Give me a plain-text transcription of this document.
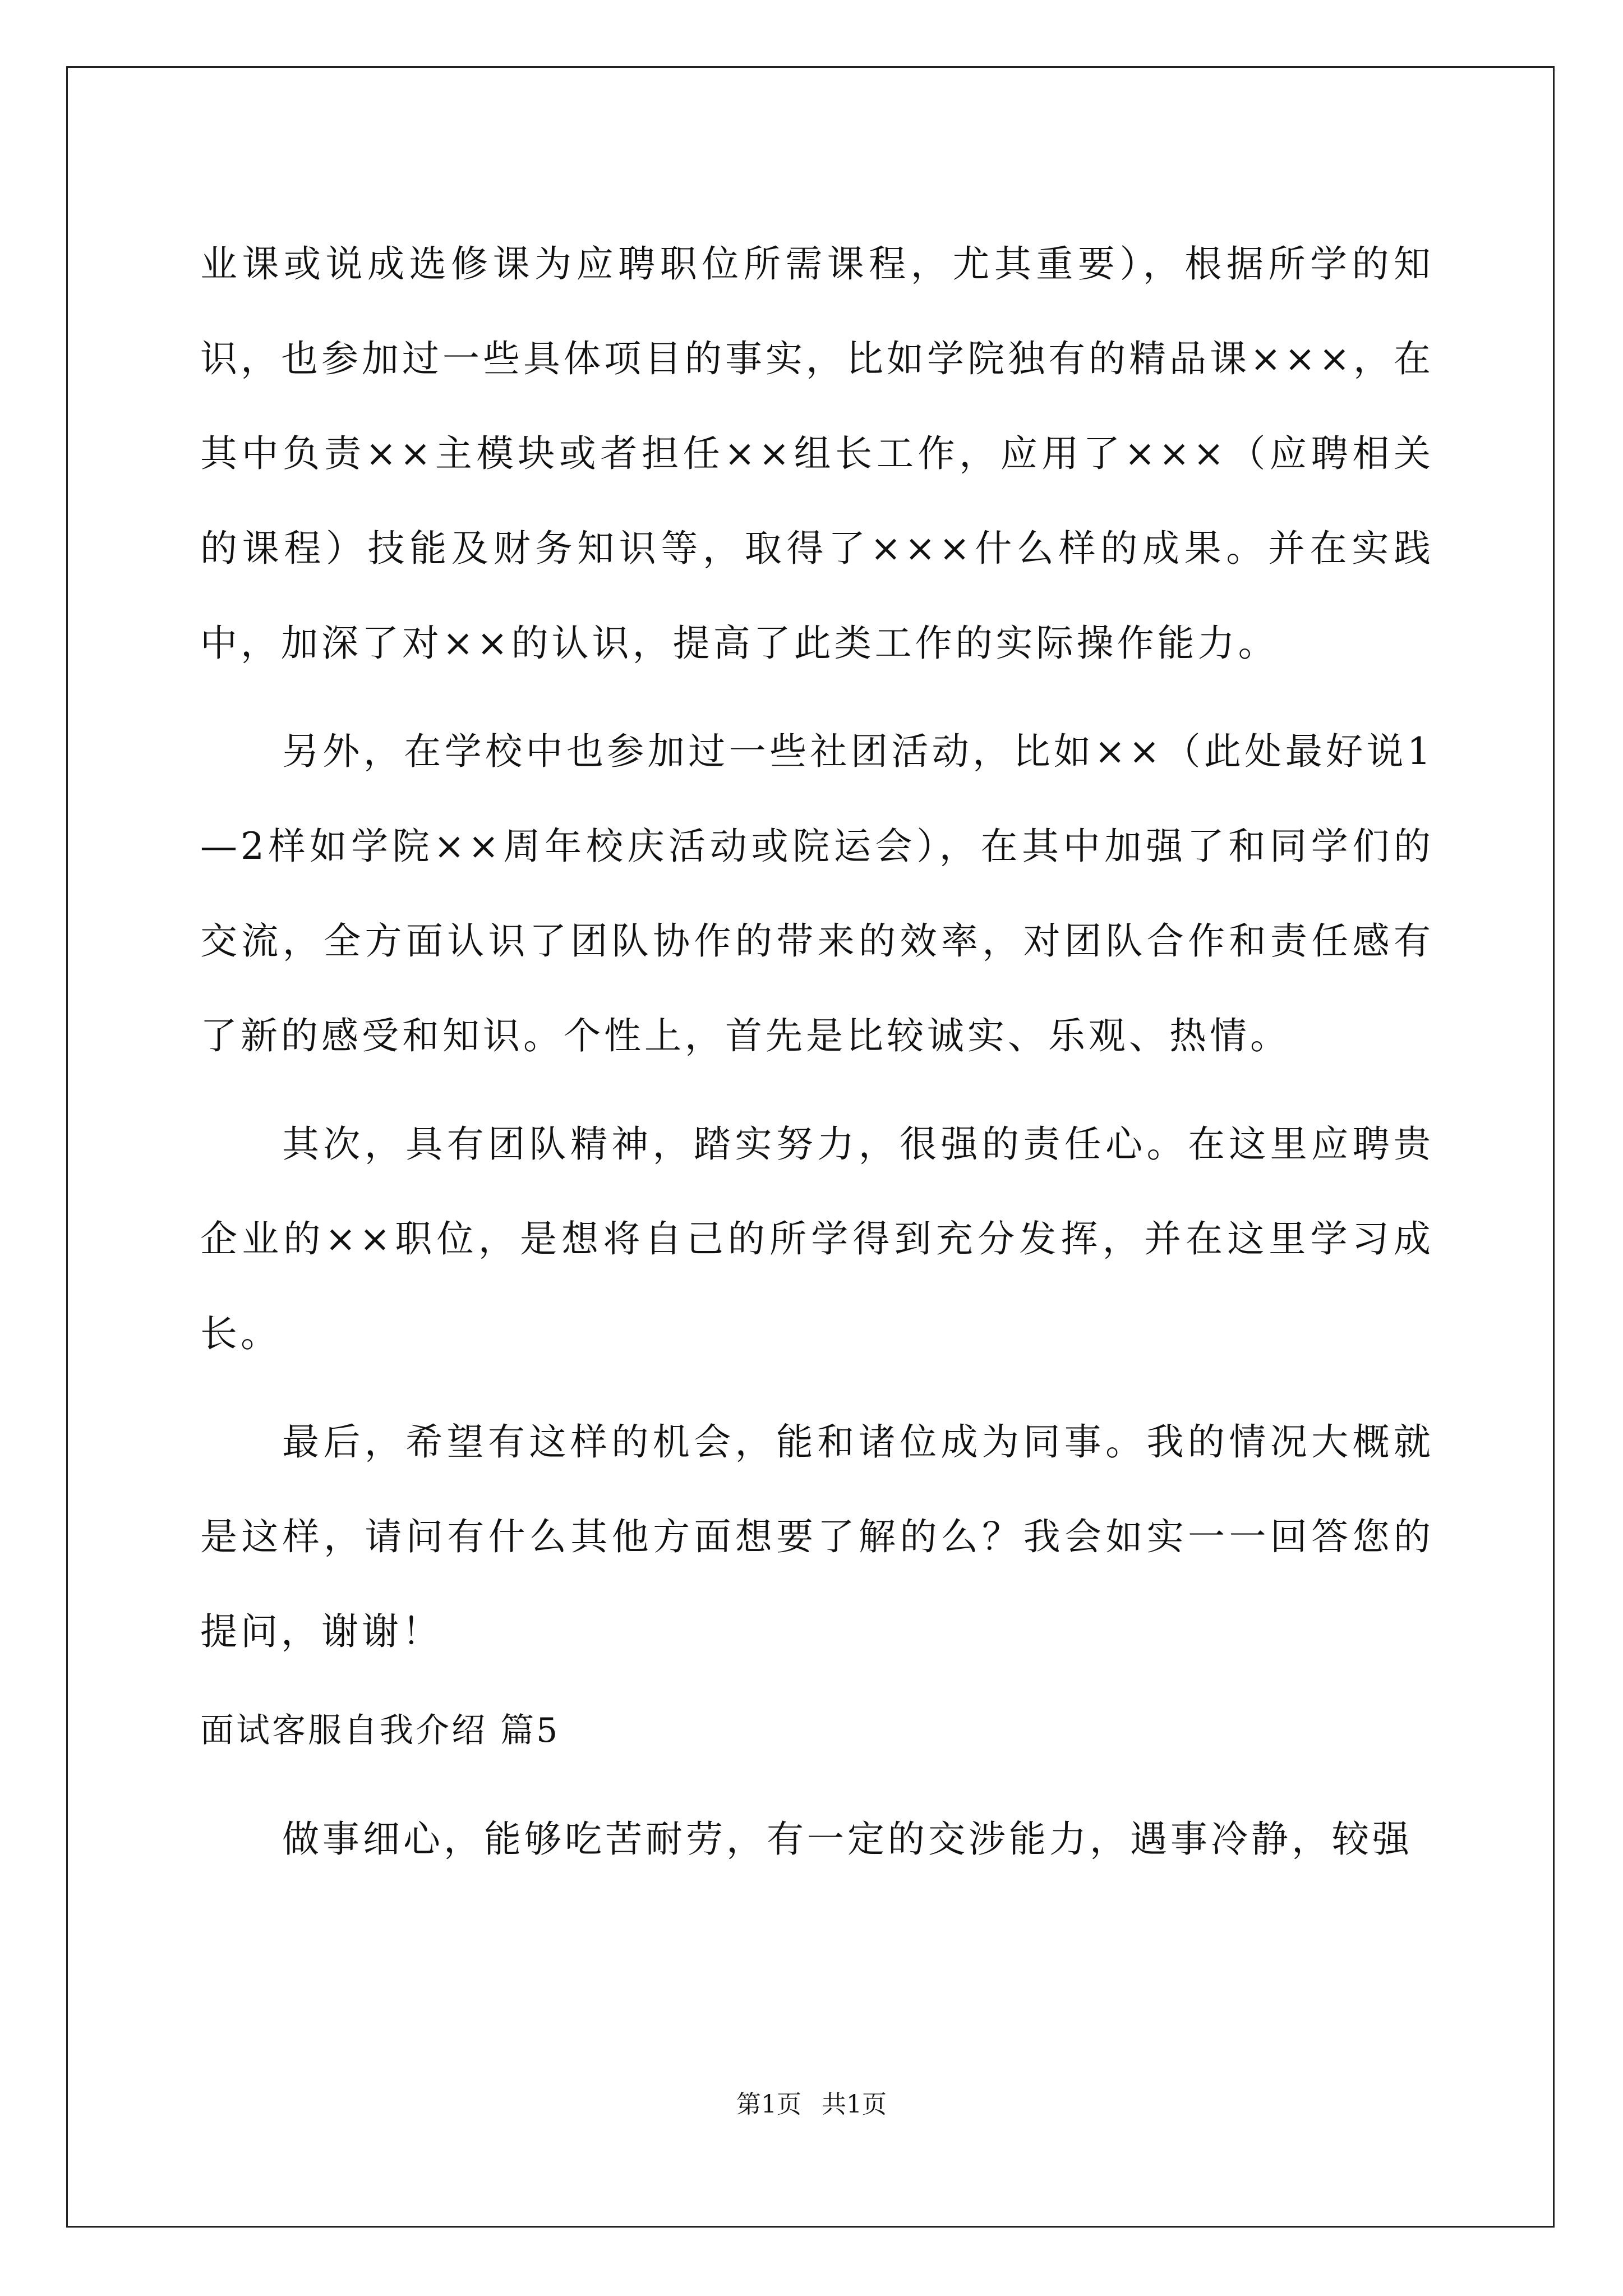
业课或说成选修课为应聘职位所需课程，尤其重要），根据所学的知识，也参加过一些具体项目的事实，比如学院独有的精品课×××，在其中负责××主模块或者担任××组长工作，应用了×××（应聘相关的课程）技能及财务知识等，取得了×××什么样的成果。并在实践中，加深了对××的认识，提高了此类工作的实际操作能力。

另外，在学校中也参加过一些社团活动，比如××（此处最好说1—2样如学院××周年校庆活动或院运会），在其中加强了和同学们的交流，全方面认识了团队协作的带来的效率，对团队合作和责任感有了新的感受和知识。个性上，首先是比较诚实、乐观、热情。

其次，具有团队精神，踏实努力，很强的责任心。在这里应聘贵企业的××职位，是想将自己的所学得到充分发挥，并在这里学习成长。

最后，希望有这样的机会，能和诸位成为同事。我的情况大概就是这样，请问有什么其他方面想要了解的么？我会如实一一回答您的提问，谢谢！

面试客服自我介绍 篇5

做事细心，能够吃苦耐劳，有一定的交涉能力，遇事冷静，较强

第1页 共1页
